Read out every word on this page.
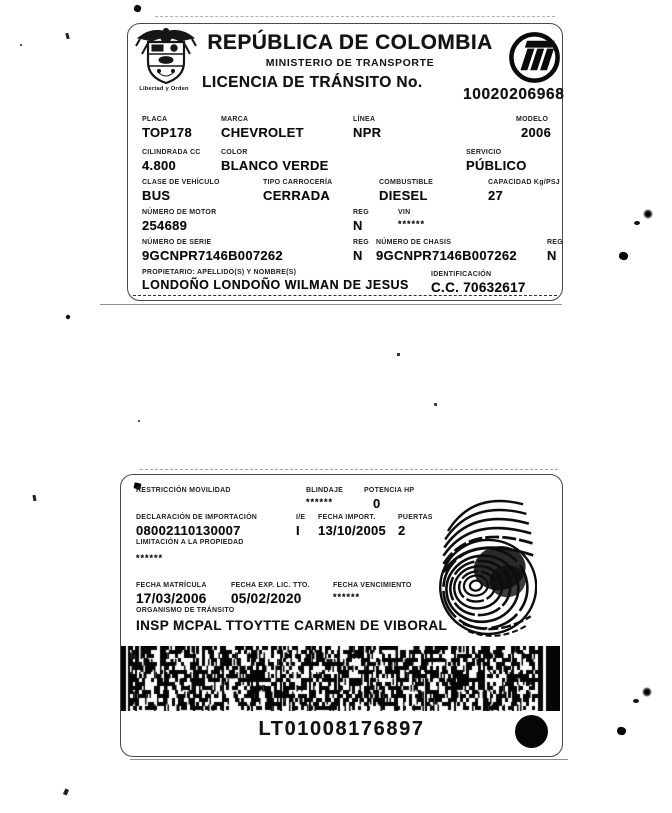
Libertad y Orden
REPÚBLICA DE COLOMBIA
MINISTERIO DE TRANSPORTE
LICENCIA DE TRÁNSITO No.
10020206968
PLACA
TOP178
MARCA
CHEVROLET
LÍNEA
NPR
MODELO
2006
CILINDRADA CC
4.800
COLOR
BLANCO VERDE
SERVICIO
PÚBLICO
CLASE DE VEHÍCULO
BUS
TIPO CARROCERÍA
CERRADA
COMBUSTIBLE
DIESEL
CAPACIDAD Kg/PSJ
27
NÚMERO DE MOTOR
254689
REG
N
VIN
******
NÚMERO DE SERIE
9GCNPR7146B007262
REG
N
NÚMERO DE CHASIS
9GCNPR7146B007262
REG
N
PROPIETARIO: APELLIDO(S) Y NOMBRE(S)
LONDOÑO LONDOÑO WILMAN DE JESUS
IDENTIFICACIÓN
C.C. 70632617
RESTRICCIÓN MOVILIDAD	BLINDAJE
******
POTENCIA HP
0
DECLARACIÓN DE IMPORTACIÓN
08002110130007
I/E
I
FECHA IMPORT.
13/10/2005
PUERTAS
2
LIMITACIÓN A LA PROPIEDAD
******
FECHA MATRÍCULA
17/03/2006
FECHA EXP. LIC. TTO.
05/02/2020
FECHA VENCIMIENTO
******
ORGANISMO DE TRÁNSITO
INSP MCPAL TTOYTTE CARMEN DE VIBORAL
LT01008176897
